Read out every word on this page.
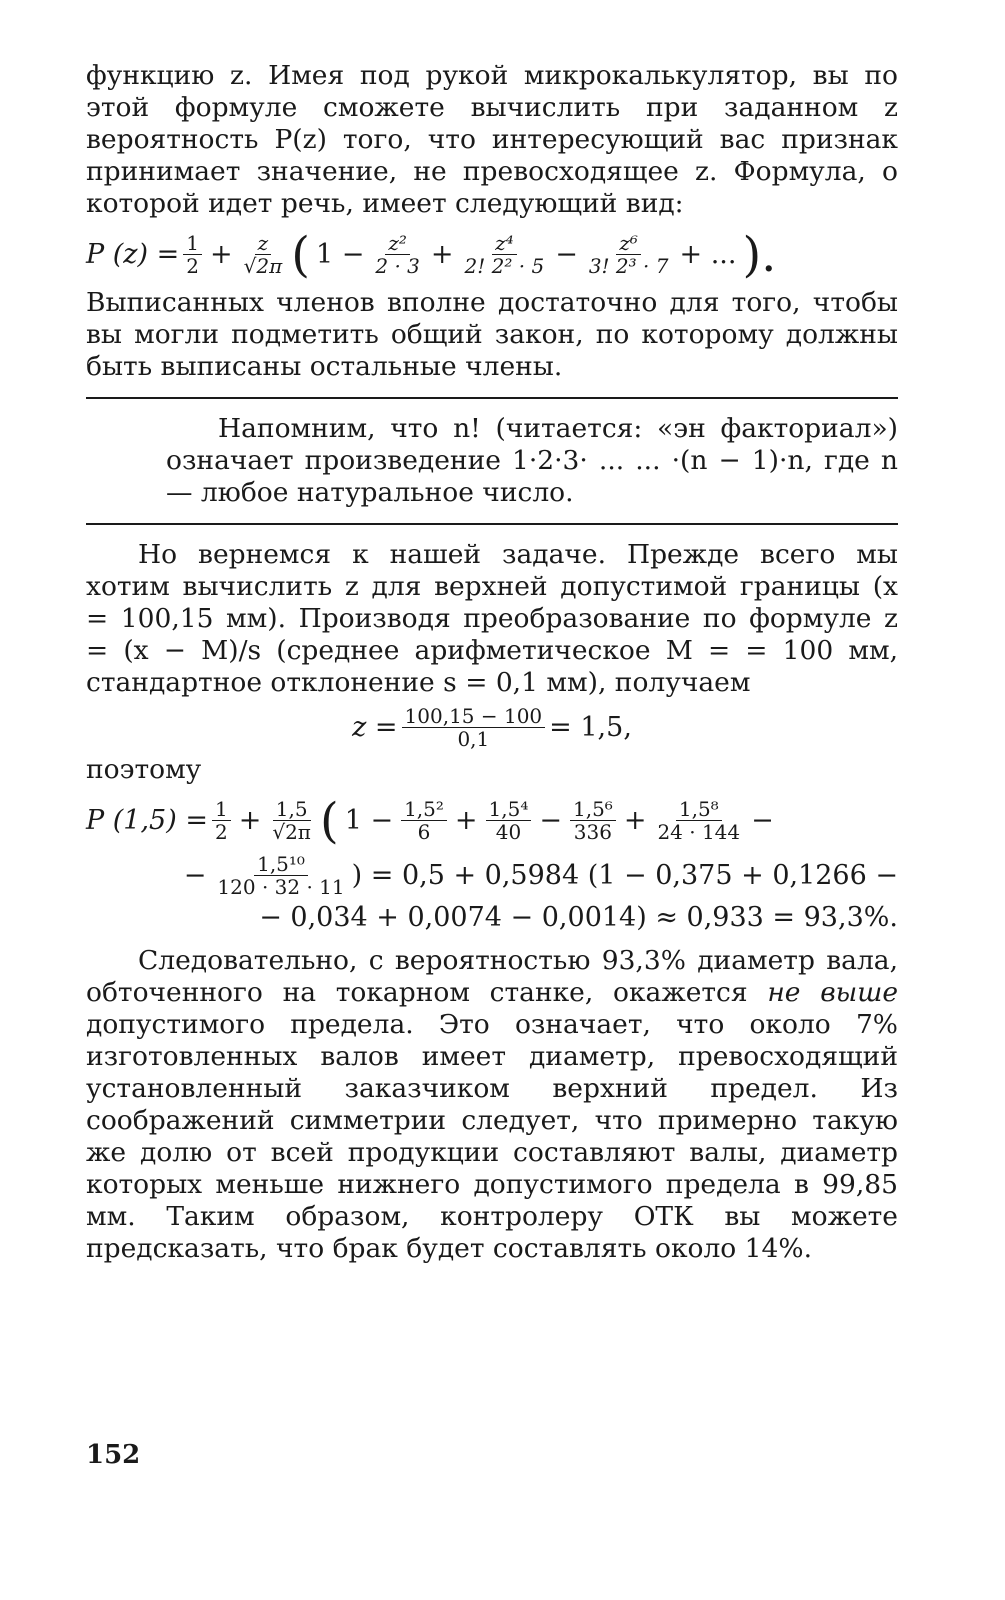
функцию z. Имея под рукой микрокалькулятор, вы по этой формуле сможете вычислить при заданном z вероятность P(z) того, что интересующий вас признак принимает значение, не превосходящее z. Формула, о которой идет речь, имеет следующий вид:

P $(z) = \frac{1}{2} + \frac{z}{√2\pi}$ ( $1 - \frac{\text{z²}}{2 \cdot 3} + \frac{\text{z⁴}}{\text{2! 2² · 5}} - \frac{\text{z⁶}}{\text{3! 2³ · 7}}$ + ... ).

Выписанных членов вполне достаточно для того, чтобы вы могли подметить общий закон, по которому должны быть выписаны остальные члены.

Напомним, что n! (читается: «эн факториал») означает произведение 1·2·3· ... ... ·(n − 1)·n, где n — любое натуральное число.

Но вернемся к нашей задаче. Прежде всего мы хотим вычислить z для верхней допустимой границы (x = 100,15 мм). Производя преобразование по формуле z = (x − M)/s (среднее арифметическое M = = 100 мм, стандартное отклонение s = 0,1 мм), получаем

$z = \frac{100,15 - 100}{0,1} = 1,5$,

поэтому

P $(1,5) = \frac{1}{2} + \frac{1,5}{√2\pi}$ ( $1 - \frac{\text{1,5²}}{6} + \frac{\text{1,5⁴}}{40} - \frac{\text{1,5⁶}}{336} + \frac{\text{1,5⁸}}{24 \cdot 144}$ −
− $\frac{\text{1,5¹⁰}}{120 \cdot 32 \cdot 11}$ ) = 0,5 + 0,5984 (1 − 0,375 + 0,1266 −
− 0,034 + 0,0074 − 0,0014) ≈ 0,933 = 93,3%.

Следовательно, с вероятностью 93,3% диаметр вала, обточенного на токарном станке, окажется не выше допустимого предела. Это означает, что около 7% изготовленных валов имеет диаметр, превосходящий установленный заказчиком верхний предел. Из соображений симметрии следует, что примерно такую же долю от всей продукции составляют валы, диаметр которых меньше нижнего допустимого предела в 99,85 мм. Таким образом, контролеру ОТК вы можете предсказать, что брак будет составлять около 14%.

152
